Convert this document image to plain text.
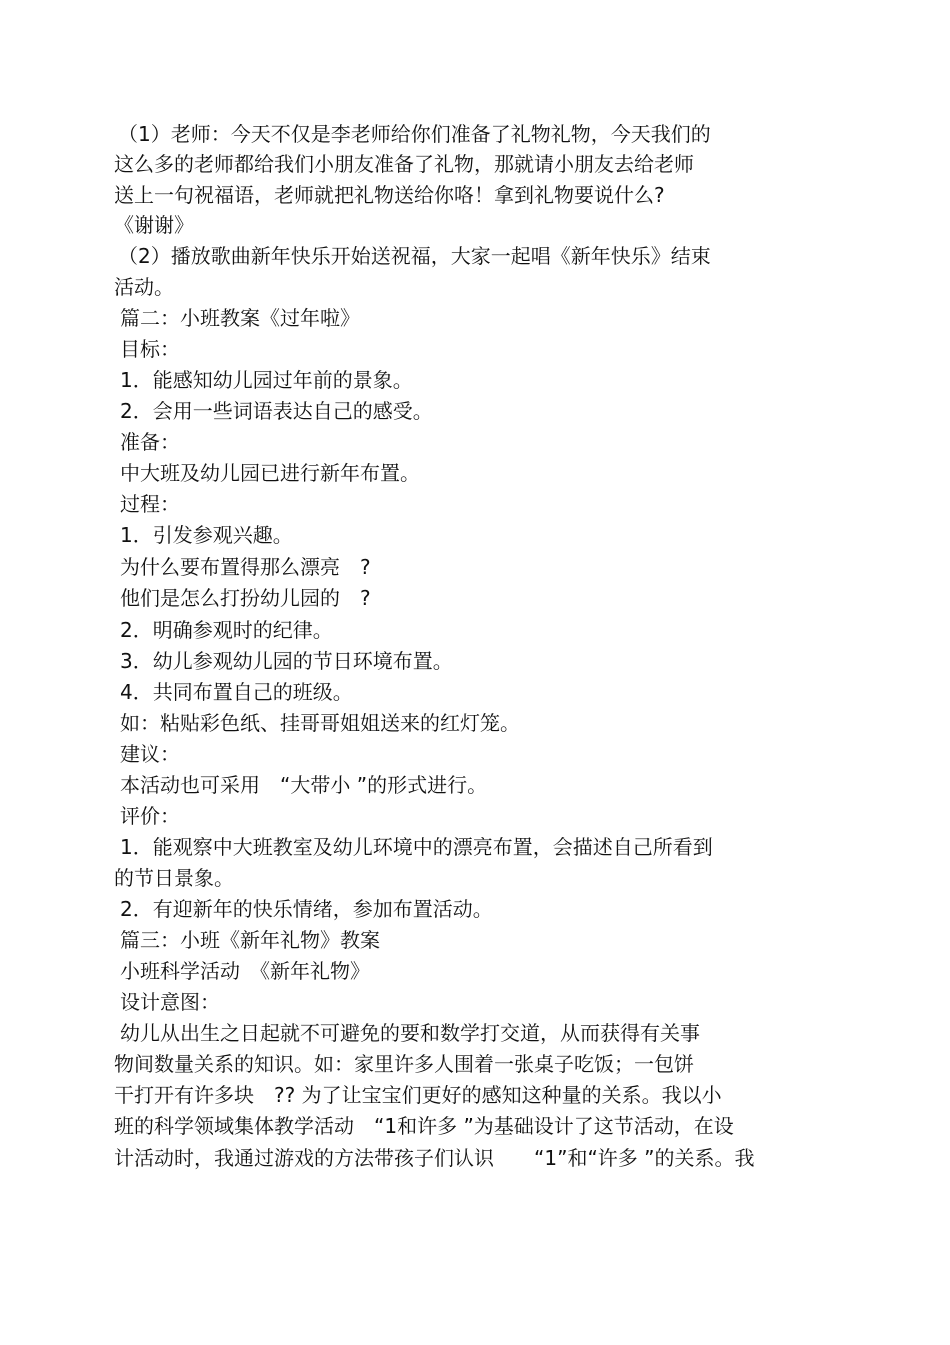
（1）老师：今天不仅是李老师给你们准备了礼物礼物，今天我们的
这么多的老师都给我们小朋友准备了礼物，那就请小朋友去给老师
送上一句祝福语，老师就把礼物送给你咯！拿到礼物要说什么?
《谢谢》
（2）播放歌曲新年快乐开始送祝福，大家一起唱《新年快乐》结束
活动。
篇二：小班教案《过年啦》
目标：
1．能感知幼儿园过年前的景象。
2．会用一些词语表达自己的感受。
准备：
中大班及幼儿园已进行新年布置。
过程：
1．引发参观兴趣。
为什么要布置得那么漂亮　?
他们是怎么打扮幼儿园的　?
2．明确参观时的纪律。
3．幼儿参观幼儿园的节日环境布置。
4．共同布置自己的班级。
如：粘贴彩色纸、挂哥哥姐姐送来的红灯笼。
建议：
本活动也可采用　“大带小 ”的形式进行。
评价：
1．能观察中大班教室及幼儿环境中的漂亮布置，会描述自己所看到
的节日景象。
2．有迎新年的快乐情绪，参加布置活动。
篇三：小班《新年礼物》教案
小班科学活动　《新年礼物》
设计意图：
幼儿从出生之日起就不可避免的要和数学打交道，从而获得有关事
物间数量关系的知识。如：家里许多人围着一张桌子吃饭；一包饼
干打开有许多块　?? 为了让宝宝们更好的感知这种量的关系。我以小
班的科学领域集体教学活动　“1和许多 ”为基础设计了这节活动，在设
计活动时，我通过游戏的方法带孩子们认识　　“1”和“许多 ”的关系。我
